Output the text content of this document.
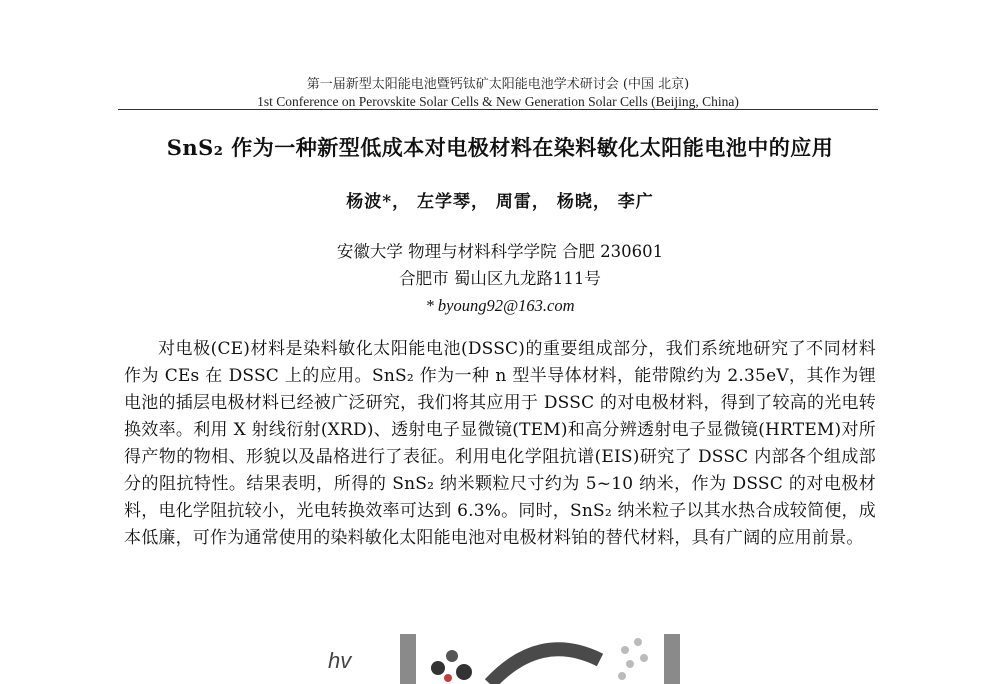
第一届新型太阳能电池暨钙钛矿太阳能电池学术研讨会 (中国 北京)
1st Conference on Perovskite Solar Cells & New Generation Solar Cells (Beijing, China)
SnS₂ 作为一种新型低成本对电极材料在染料敏化太阳能电池中的应用
杨波*， 左学琴， 周雷， 杨晓， 李广
安徽大学 物理与材料科学学院 合肥 230601
合肥市 蜀山区九龙路111号
* byoung92@163.com
对电极(CE)材料是染料敏化太阳能电池(DSSC)的重要组成部分，我们系统地研究了不同材料作为 CEs 在 DSSC 上的应用。SnS₂ 作为一种 n 型半导体材料，能带隙约为 2.35eV，其作为锂电池的插层电极材料已经被广泛研究，我们将其应用于 DSSC 的对电极材料，得到了较高的光电转换效率。利用 X 射线衍射(XRD)、透射电子显微镜(TEM)和高分辨透射电子显微镜(HRTEM)对所得产物的物相、形貌以及晶格进行了表征。利用电化学阻抗谱(EIS)研究了 DSSC 内部各个组成部分的阻抗特性。结果表明，所得的 SnS₂ 纳米颗粒尺寸约为 5~10 纳米，作为 DSSC 的对电极材料，电化学阻抗较小，光电转换效率可达到 6.3%。同时，SnS₂ 纳米粒子以其水热合成较简便，成本低廉，可作为通常使用的染料敏化太阳能电池对电极材料铂的替代材料，具有广阔的应用前景。
hv
